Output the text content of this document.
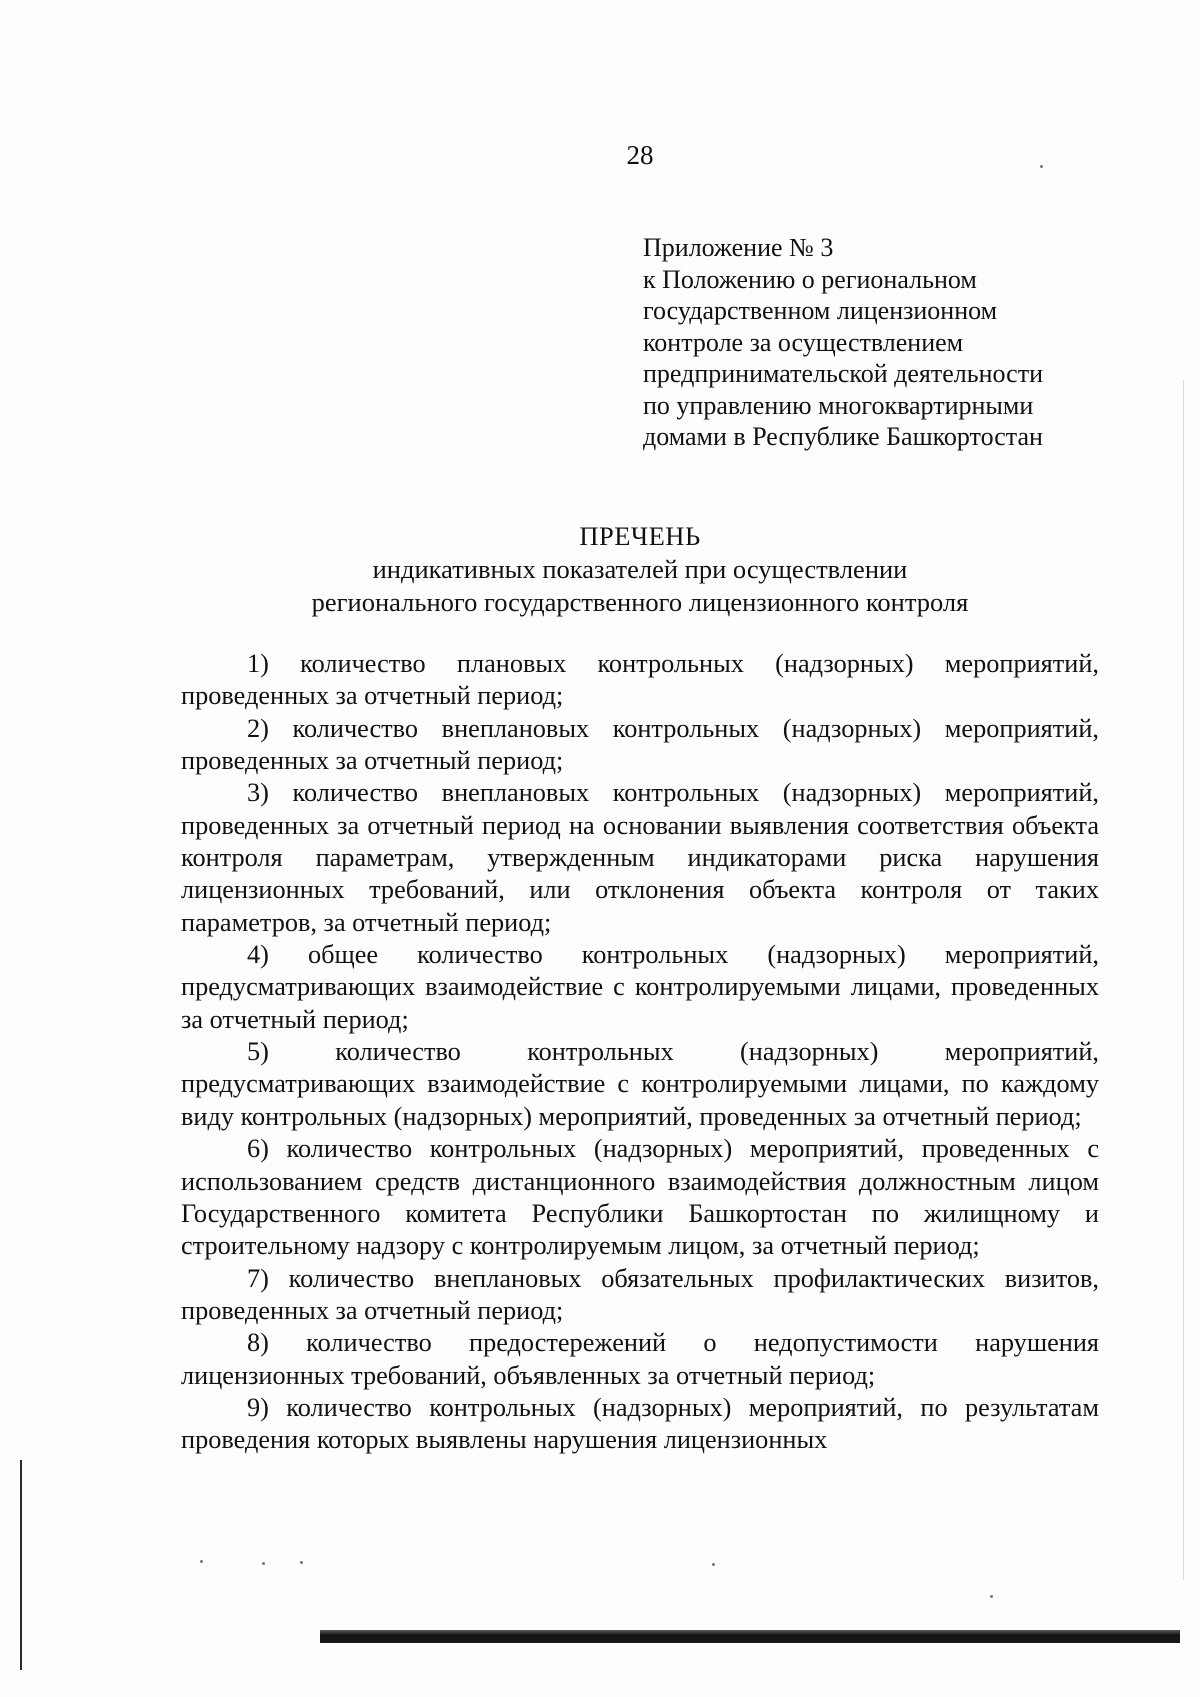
28
Приложение № 3
к Положению о региональном
государственном лицензионном
контроле за осуществлением
предпринимательской деятельности
по управлению многоквартирными
домами в Республике Башкортостан
ПРЕЧЕНЬ
индикативных показателей при осуществлении
регионального государственного лицензионного контроля

1) количество плановых контрольных (надзорных) мероприятий, проведенных за отчетный период;

2) количество внеплановых контрольных (надзорных) мероприятий, проведенных за отчетный период;

3) количество внеплановых контрольных (надзорных) мероприятий, проведенных за отчетный период на основании выявления соответствия объекта контроля параметрам, утвержденным индикаторами риска нарушения лицензионных требований, или отклонения объекта контроля от таких параметров, за отчетный период;

4) общее количество контрольных (надзорных) мероприятий, предусматривающих взаимодействие с контролируемыми лицами, проведенных за отчетный период;

5) количество контрольных (надзорных) мероприятий, предусматривающих взаимодействие с контролируемыми лицами, по каждому виду контрольных (надзорных) мероприятий, проведенных за отчетный период;

6) количество контрольных (надзорных) мероприятий, проведенных с использованием средств дистанционного взаимодействия должностным лицом Государственного комитета Республики Башкортостан по жилищному и строительному надзору с контролируемым лицом, за отчетный период;

7) количество внеплановых обязательных профилактических визитов, проведенных за отчетный период;

8) количество предостережений о недопустимости нарушения лицензионных требований, объявленных за отчетный период;

9) количество контрольных (надзорных) мероприятий, по результатам проведения которых выявлены нарушения лицензионных
